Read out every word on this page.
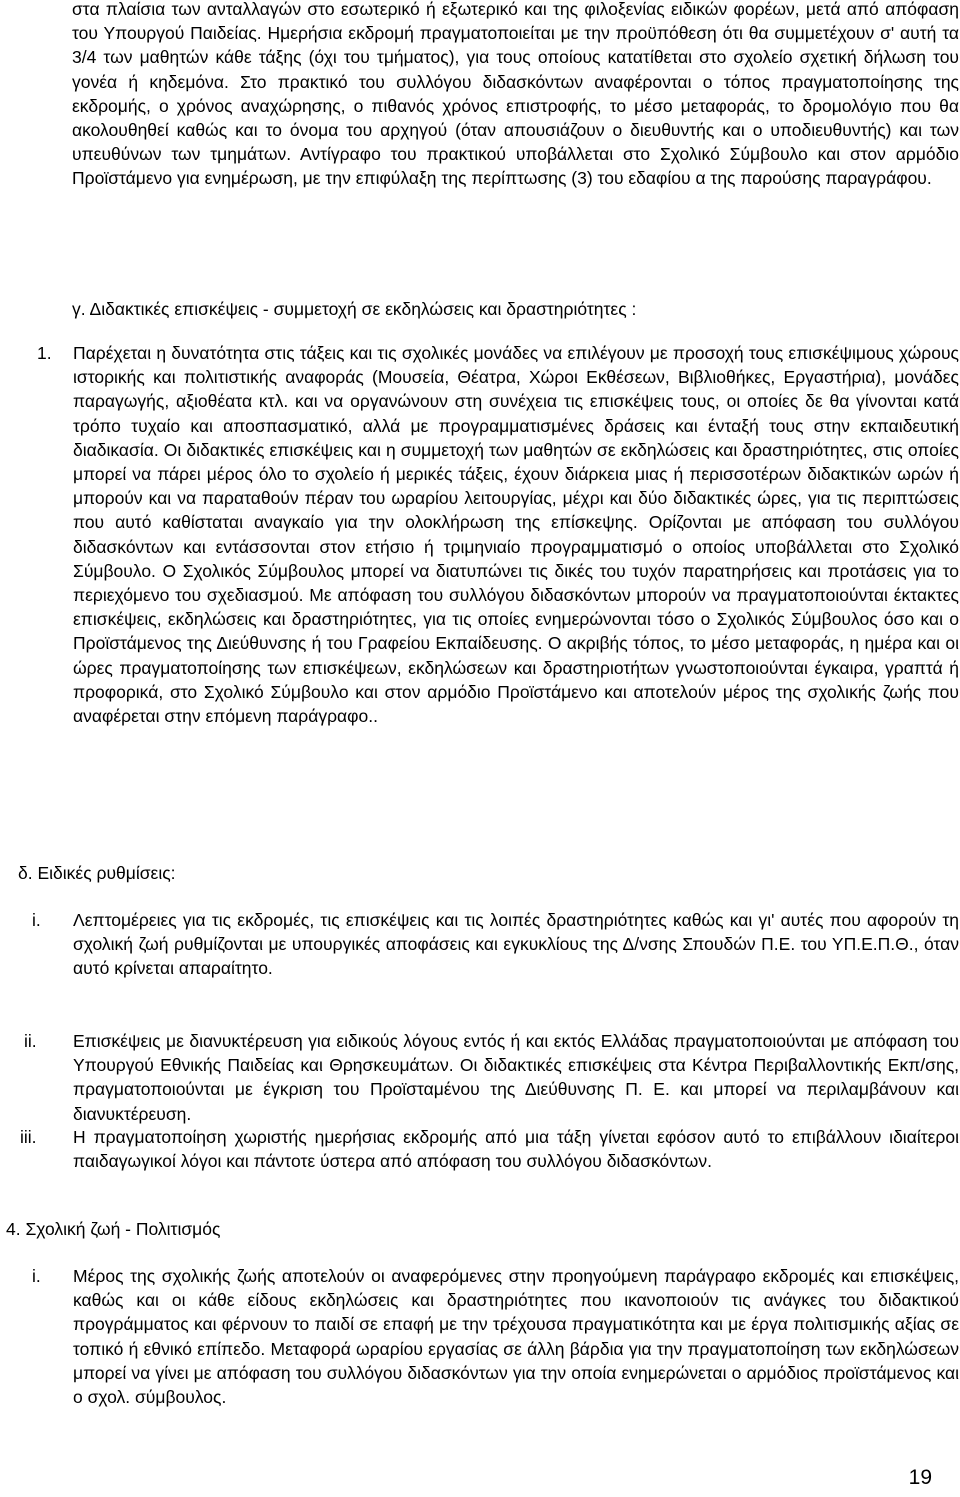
στα πλαίσια των ανταλλαγών στο εσωτερικό ή εξωτερικό και της φιλοξενίας ειδικών φορέων, μετά από απόφαση του Υπουργού Παιδείας. Ημερήσια εκδρομή πραγματοποιείται με την προϋπόθεση ότι θα συμμετέχουν σ' αυτή τα 3/4 των μαθητών κάθε τάξης (όχι του τμήματος), για τους οποίους κατατίθεται στο σχολείο σχετική δήλωση του γονέα ή κηδεμόνα. Στο πρακτικό του συλλόγου διδασκόντων αναφέρονται ο τόπος πραγματοποίησης της εκδρομής, ο χρόνος αναχώρησης, ο πιθανός χρόνος επιστροφής, το μέσο μεταφοράς, το δρομολόγιο που θα ακολουθηθεί καθώς και το όνομα του αρχηγού (όταν απουσιάζουν ο διευθυντής και ο υποδιευθυντής) και των υπευθύνων των τμημάτων. Αντίγραφο του πρακτικού υποβάλλεται στο Σχολικό Σύμβουλο και στον αρμόδιο Προϊστάμενο για ενημέρωση, με την επιφύλαξη της περίπτωσης (3) του εδαφίου α της παρούσης παραγράφου.

γ. Διδακτικές επισκέψεις - συμμετοχή σε εκδηλώσεις και δραστηριότητες :
1. Παρέχεται η δυνατότητα στις τάξεις και τις σχολικές μονάδες να επιλέγουν με προσοχή τους επισκέψιμους χώρους ιστορικής και πολιτιστικής αναφοράς (Μουσεία, Θέατρα, Χώροι Εκθέσεων, Βιβλιοθήκες, Εργαστήρια), μονάδες παραγωγής, αξιοθέατα κτλ. και να οργανώνουν στη συνέχεια τις επισκέψεις τους, οι οποίες δε θα γίνονται κατά τρόπο τυχαίο και αποσπασματικό, αλλά με προγραμματισμένες δράσεις και ένταξή τους στην εκπαιδευτική διαδικασία. Οι διδακτικές επισκέψεις και η συμμετοχή των μαθητών σε εκδηλώσεις και δραστηριότητες, στις οποίες μπορεί να πάρει μέρος όλο το σχολείο ή μερικές τάξεις, έχουν διάρκεια μιας ή περισσοτέρων διδακτικών ωρών ή μπορούν και να παραταθούν πέραν του ωραρίου λειτουργίας, μέχρι και δύο διδακτικές ώρες, για τις περιπτώσεις που αυτό καθίσταται αναγκαίο για την ολοκλήρωση της επίσκεψης. Ορίζονται με απόφαση του συλλόγου διδασκόντων και εντάσσονται στον ετήσιο ή τριμηνιαίο προγραμματισμό ο οποίος υποβάλλεται στο Σχολικό Σύμβουλο. Ο Σχολικός Σύμβουλος μπορεί να διατυπώνει τις δικές του τυχόν παρατηρήσεις και προτάσεις για το περιεχόμενο του σχεδιασμού. Με απόφαση του συλλόγου διδασκόντων μπορούν να πραγματοποιούνται έκτακτες επισκέψεις, εκδηλώσεις και δραστηριότητες, για τις οποίες ενημερώνονται τόσο ο Σχολικός Σύμβουλος όσο και ο Προϊστάμενος της Διεύθυνσης ή του Γραφείου Εκπαίδευσης. Ο ακριβής τόπος, το μέσο μεταφοράς, η ημέρα και οι ώρες πραγματοποίησης των επισκέψεων, εκδηλώσεων και δραστηριοτήτων γνωστοποιούνται έγκαιρα, γραπτά ή προφορικά, στο Σχολικό Σύμβουλο και στον αρμόδιο Προϊστάμενο και αποτελούν μέρος της σχολικής ζωής που αναφέρεται στην επόμενη παράγραφο..

δ. Ειδικές ρυθμίσεις:
i. Λεπτομέρειες για τις εκδρομές, τις επισκέψεις και τις λοιπές δραστηριότητες καθώς και γι' αυτές που αφορούν τη σχολική ζωή ρυθμίζονται με υπουργικές αποφάσεις και εγκυκλίους της Δ/νσης Σπουδών Π.Ε. του ΥΠ.Ε.Π.Θ., όταν αυτό κρίνεται απαραίτητο.

ii. Επισκέψεις με διανυκτέρευση για ειδικούς λόγους εντός ή και εκτός Ελλάδας πραγματοποιούνται με απόφαση του Υπουργού Εθνικής Παιδείας και Θρησκευμάτων. Οι διδακτικές επισκέψεις στα Κέντρα Περιβαλλοντικής Εκπ/σης, πραγματοποιούνται με έγκριση του Προϊσταμένου της Διεύθυνσης Π. Ε. και μπορεί να περιλαμβάνουν και διανυκτέρευση.

iii. Η πραγματοποίηση χωριστής ημερήσιας εκδρομής από μια τάξη γίνεται εφόσον αυτό το επιβάλλουν ιδιαίτεροι παιδαγωγικοί λόγοι και πάντοτε ύστερα από απόφαση του συλλόγου διδασκόντων.

4. Σχολική ζωή - Πολιτισμός
i. Μέρος της σχολικής ζωής αποτελούν οι αναφερόμενες στην προηγούμενη παράγραφο εκδρομές και επισκέψεις, καθώς και οι κάθε είδους εκδηλώσεις και δραστηριότητες που ικανοποιούν τις ανάγκες του διδακτικού προγράμματος και φέρνουν το παιδί σε επαφή με την τρέχουσα πραγματικότητα και με έργα πολιτισμικής αξίας σε τοπικό ή εθνικό επίπεδο. Μεταφορά ωραρίου εργασίας σε άλλη βάρδια για την πραγματοποίηση των εκδηλώσεων μπορεί να γίνει με απόφαση του συλλόγου διδασκόντων για την οποία ενημερώνεται ο αρμόδιος προϊστάμενος και ο σχολ. σύμβουλος.

19
